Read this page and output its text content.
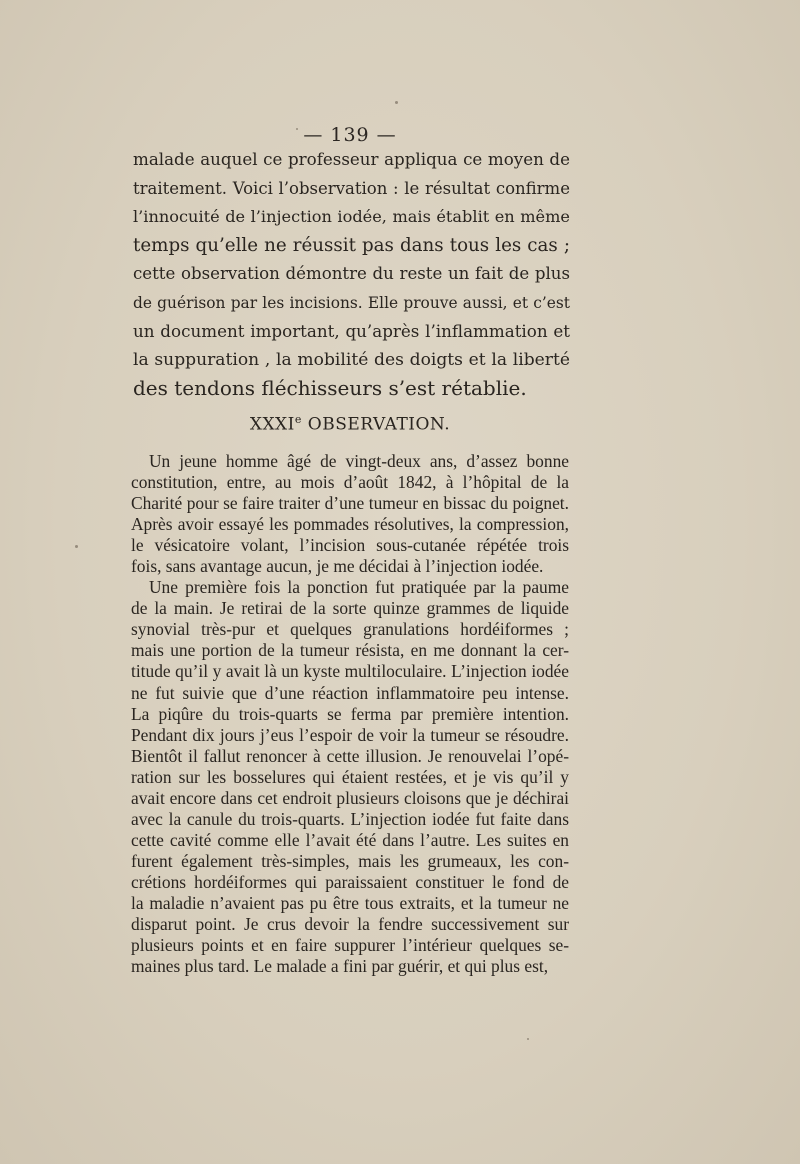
— 139 —
malade auquel ce professeur appliqua ce moyen de
traitement. Voici l’observation : le résultat confirme
l’innocuité de l’injection iodée, mais établit en même
temps qu’elle ne réussit pas dans tous les cas ;
cette observation démontre du reste un fait de plus
de guérison par les incisions. Elle prouve aussi, et c’est
un document important, qu’après l’inflammation et
la suppuration , la mobilité des doigts et la liberté
des tendons fléchisseurs s’est rétablie.
XXXIe OBSERVATION.
Un jeune homme âgé de vingt-deux ans, d’assez bonne
constitution, entre, au mois d’août 1842, à l’hôpital de la
Charité pour se faire traiter d’une tumeur en bissac du poignet.
Après avoir essayé les pommades résolutives, la compression,
le vésicatoire volant, l’incision sous-cutanée répétée trois
fois, sans avantage aucun, je me décidai à l’injection iodée.
Une première fois la ponction fut pratiquée par la paume
de la main. Je retirai de la sorte quinze grammes de liquide
synovial très-pur et quelques granulations hordéiformes ;
mais une portion de la tumeur résista, en me donnant la cer-
titude qu’il y avait là un kyste multiloculaire. L’injection iodée
ne fut suivie que d’une réaction inflammatoire peu intense.
La piqûre du trois-quarts se ferma par première intention.
Pendant dix jours j’eus l’espoir de voir la tumeur se résoudre.
Bientôt il fallut renoncer à cette illusion. Je renouvelai l’opé-
ration sur les bosselures qui étaient restées, et je vis qu’il y
avait encore dans cet endroit plusieurs cloisons que je déchirai
avec la canule du trois-quarts. L’injection iodée fut faite dans
cette cavité comme elle l’avait été dans l’autre. Les suites en
furent également très-simples, mais les grumeaux, les con-
crétions hordéiformes qui paraissaient constituer le fond de
la maladie n’avaient pas pu être tous extraits, et la tumeur ne
disparut point. Je crus devoir la fendre successivement sur
plusieurs points et en faire suppurer l’intérieur quelques se-
maines plus tard. Le malade a fini par guérir, et qui plus est,
